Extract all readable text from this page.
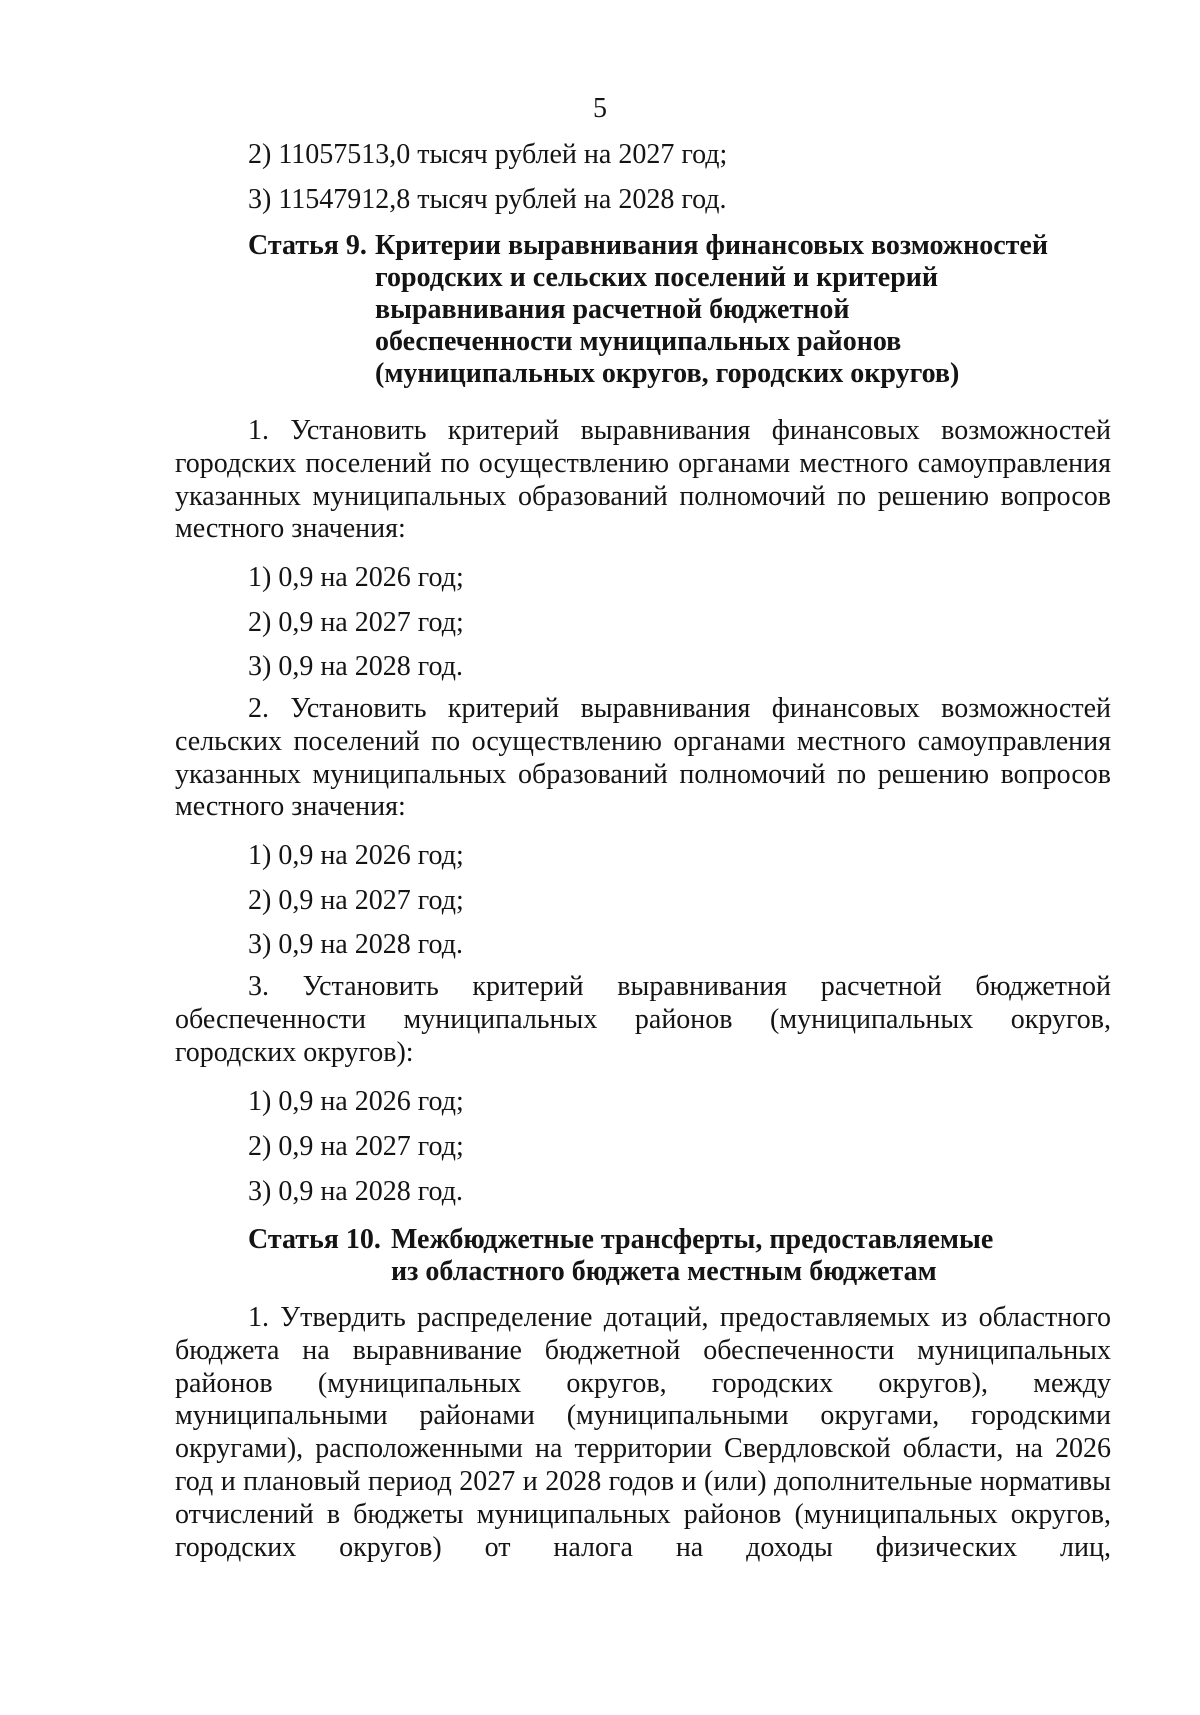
5
2) 11057513,0 тысяч рублей на 2027 год;
3) 11547912,8 тысяч рублей на 2028 год.
Статья 9. Критерии выравнивания финансовых возможностей
городских и сельских поселений и критерий
выравнивания расчетной бюджетной
обеспеченности муниципальных районов
(муниципальных округов, городских округов)
1. Установить критерий выравнивания финансовых возможностей городских поселений по осуществлению органами местного самоуправления указанных муниципальных образований полномочий по решению вопросов местного значения:
1) 0,9 на 2026 год;
2) 0,9 на 2027 год;
3) 0,9 на 2028 год.
2. Установить критерий выравнивания финансовых возможностей сельских поселений по осуществлению органами местного самоуправления указанных муниципальных образований полномочий по решению вопросов местного значения:
1) 0,9 на 2026 год;
2) 0,9 на 2027 год;
3) 0,9 на 2028 год.
3. Установить критерий выравнивания расчетной бюджетной обеспеченности муниципальных районов (муниципальных округов, городских округов):
1) 0,9 на 2026 год;
2) 0,9 на 2027 год;
3) 0,9 на 2028 год.
Статья 10. Межбюджетные трансферты, предоставляемые
из областного бюджета местным бюджетам
1. Утвердить распределение дотаций, предоставляемых из областного бюджета на выравнивание бюджетной обеспеченности муниципальных районов (муниципальных округов, городских округов), между муниципальными районами (муниципальными округами, городскими округами), расположенными на территории Свердловской области, на 2026 год и плановый период 2027 и 2028 годов и (или) дополнительные нормативы отчислений в бюджеты муниципальных районов (муниципальных округов, городских округов) от налога на доходы физических лиц,
